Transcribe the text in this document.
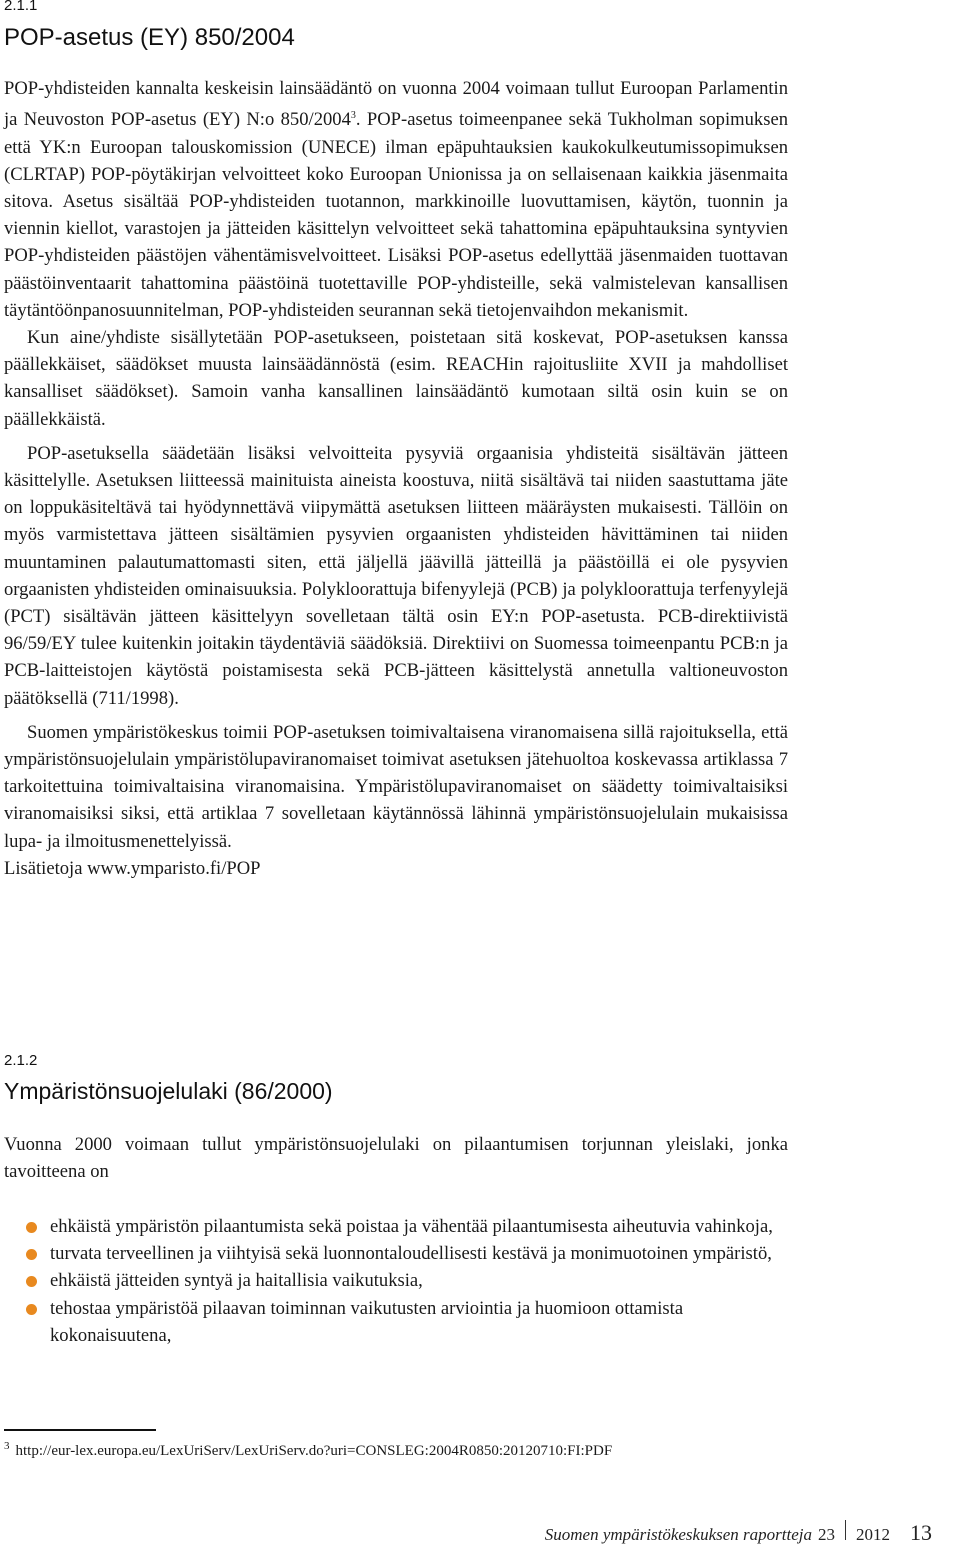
2.1.1
POP-asetus (EY) 850/2004

POP-yhdisteiden kannalta keskeisin lainsäädäntö on vuonna 2004 voimaan tullut Euroopan Parlamentin ja Neuvoston POP-asetus (EY) N:o 850/2004$^3$. POP-asetus toimeenpanee sekä Tukholman sopimuksen että YK:n Euroopan talouskomission (UNECE) ilman epäpuhtauksien kaukokulkeutumissopimuksen (CLRTAP) POP-pöytäkirjan velvoitteet koko Euroopan Unionissa ja on sellaisenaan kaikkia jäsenmaita sitova. Asetus sisältää POP-yhdisteiden tuotannon, markkinoille luovuttamisen, käytön, tuonnin ja viennin kiellot, varastojen ja jätteiden käsittelyn velvoitteet sekä tahattomina epäpuhtauksina syntyvien POP-yhdisteiden päästöjen vähentämisvelvoitteet. Lisäksi POP-asetus edellyttää jäsenmaiden tuottavan päästöinventaarit tahattomina päästöinä tuotettaville POP-yhdisteille, sekä valmistelevan kansallisen täytäntöönpanosuunnitelman, POP-yhdisteiden seurannan sekä tietojenvaihdon mekanismit.

Kun aine/yhdiste sisällytetään POP-asetukseen, poistetaan sitä koskevat, POP-asetuksen kanssa päällekkäiset, säädökset muusta lainsäädännöstä (esim. REACHin rajoitusliite XVII ja mahdolliset kansalliset säädökset). Samoin vanha kansallinen lainsäädäntö kumotaan siltä osin kuin se on päällekkäistä.

POP-asetuksella säädetään lisäksi velvoitteita pysyviä orgaanisia yhdisteitä sisältävän jätteen käsittelylle. Asetuksen liitteessä mainituista aineista koostuva, niitä sisältävä tai niiden saastuttama jäte on loppukäsiteltävä tai hyödynnettävä viipymättä asetuksen liitteen määräysten mukaisesti. Tällöin on myös varmistettava jätteen sisältämien pysyvien orgaanisten yhdisteiden hävittäminen tai niiden muuntaminen palautumattomasti siten, että jäljellä jäävillä jätteillä ja päästöillä ei ole pysyvien orgaanisten yhdisteiden ominaisuuksia. Polykloorattuja bifenyylejä (PCB) ja polykloorattuja terfenyylejä (PCT) sisältävän jätteen käsittelyyn sovelletaan tältä osin EY:n POP-asetusta. PCB-direktiivistä 96/59/EY tulee kuitenkin joitakin täydentäviä säädöksiä. Direktiivi on Suomessa toimeenpantu PCB:n ja PCB-laitteistojen käytöstä poistamisesta sekä PCB-jätteen käsittelystä annetulla valtioneuvoston päätöksellä (711/1998).

Suomen ympäristökeskus toimii POP-asetuksen toimivaltaisena viranomaisena sillä rajoituksella, että ympäristönsuojelulain ympäristölupaviranomaiset toimivat asetuksen jätehuoltoa koskevassa artiklassa 7 tarkoitettuina toimivaltaisina viranomaisina. Ympäristölupaviranomaiset on säädetty toimivaltaisiksi viranomaisiksi siksi, että artiklaa 7 sovelletaan käytännössä lähinnä ympäristönsuojelulain mukaisissa lupa- ja ilmoitusmenettelyissä.

Lisätietoja www.ymparisto.fi/POP

2.1.2
Ympäristönsuojelulaki (86/2000)

Vuonna 2000 voimaan tullut ympäristönsuojelulaki on pilaantumisen torjunnan yleislaki, jonka tavoitteena on

ehkäistä ympäristön pilaantumista sekä poistaa ja vähentää pilaantumisesta aiheutuvia vahinkoja,
turvata terveellinen ja viihtyisä sekä luonnontaloudellisesti kestävä ja monimuotoinen ympäristö,
ehkäistä jätteiden syntyä ja haitallisia vaikutuksia,
tehostaa ympäristöä pilaavan toiminnan vaikutusten arviointia ja huomioon ottamista kokonaisuutena,
$^3$ http://eur-lex.europa.eu/LexUriServ/LexUriServ.do?uri=CONSLEG:2004R0850:20120710:FI:PDF
Suomen ympäristökeskuksen raportteja 23 2012 13
